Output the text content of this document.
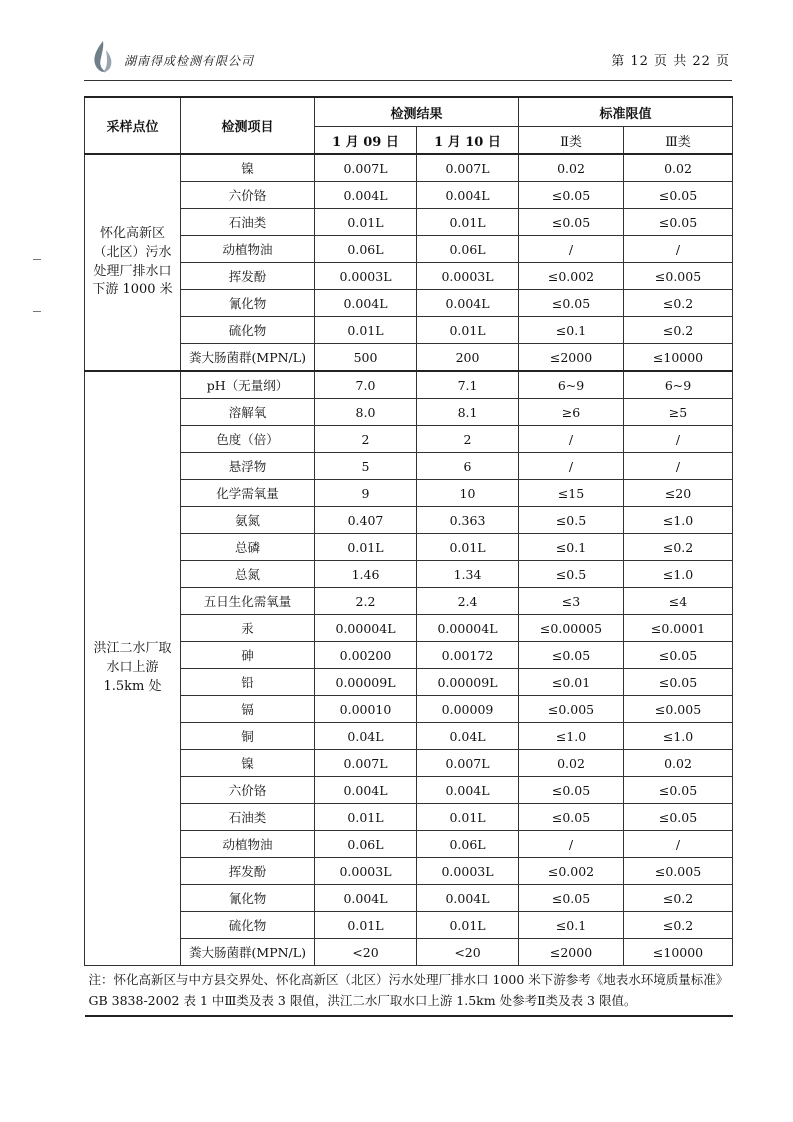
湖南得成检测有限公司	第 12 页 共 22 页
采样点位	检测项目	检测结果		标准限值	
		1 月 09 日	1 月 10 日	Ⅱ类	Ⅲ类
怀化高新区（北区）污水处理厂排水口下游 1000 米	镍	0.007L	0.007L	0.02	0.02
	六价铬	0.004L	0.004L	≤0.05	≤0.05
	石油类	0.01L	0.01L	≤0.05	≤0.05
	动植物油	0.06L	0.06L	/	/
	挥发酚	0.0003L	0.0003L	≤0.002	≤0.005
	氰化物	0.004L	0.004L	≤0.05	≤0.2
	硫化物	0.01L	0.01L	≤0.1	≤0.2
	粪大肠菌群(MPN/L)	500	200	≤2000	≤10000
洪江二水厂取水口上游 1.5km 处	pH（无量纲）	7.0	7.1	6~9	6~9
	溶解氧	8.0	8.1	≥6	≥5
	色度（倍）	2	2	/	/
	悬浮物	5	6	/	/
	化学需氧量	9	10	≤15	≤20
	氨氮	0.407	0.363	≤0.5	≤1.0
	总磷	0.01L	0.01L	≤0.1	≤0.2
	总氮	1.46	1.34	≤0.5	≤1.0
	五日生化需氧量	2.2	2.4	≤3	≤4
	汞	0.00004L	0.00004L	≤0.00005	≤0.0001
	砷	0.00200	0.00172	≤0.05	≤0.05
	铅	0.00009L	0.00009L	≤0.01	≤0.05
	镉	0.00010	0.00009	≤0.005	≤0.005
	铜	0.04L	0.04L	≤1.0	≤1.0
	镍	0.007L	0.007L	0.02	0.02
	六价铬	0.004L	0.004L	≤0.05	≤0.05
	石油类	0.01L	0.01L	≤0.05	≤0.05
	动植物油	0.06L	0.06L	/	/
	挥发酚	0.0003L	0.0003L	≤0.002	≤0.005
	氰化物	0.004L	0.004L	≤0.05	≤0.2
	硫化物	0.01L	0.01L	≤0.1	≤0.2
	粪大肠菌群(MPN/L)	<20	<20	≤2000	≤10000
注：怀化高新区与中方县交界处、怀化高新区（北区）污水处理厂排水口 1000 米下游参考《地表水环境质量标准》GB 3838-2002 表 1 中Ⅲ类及表 3 限值，洪江二水厂取水口上游 1.5km 处参考Ⅱ类及表 3 限值。					
